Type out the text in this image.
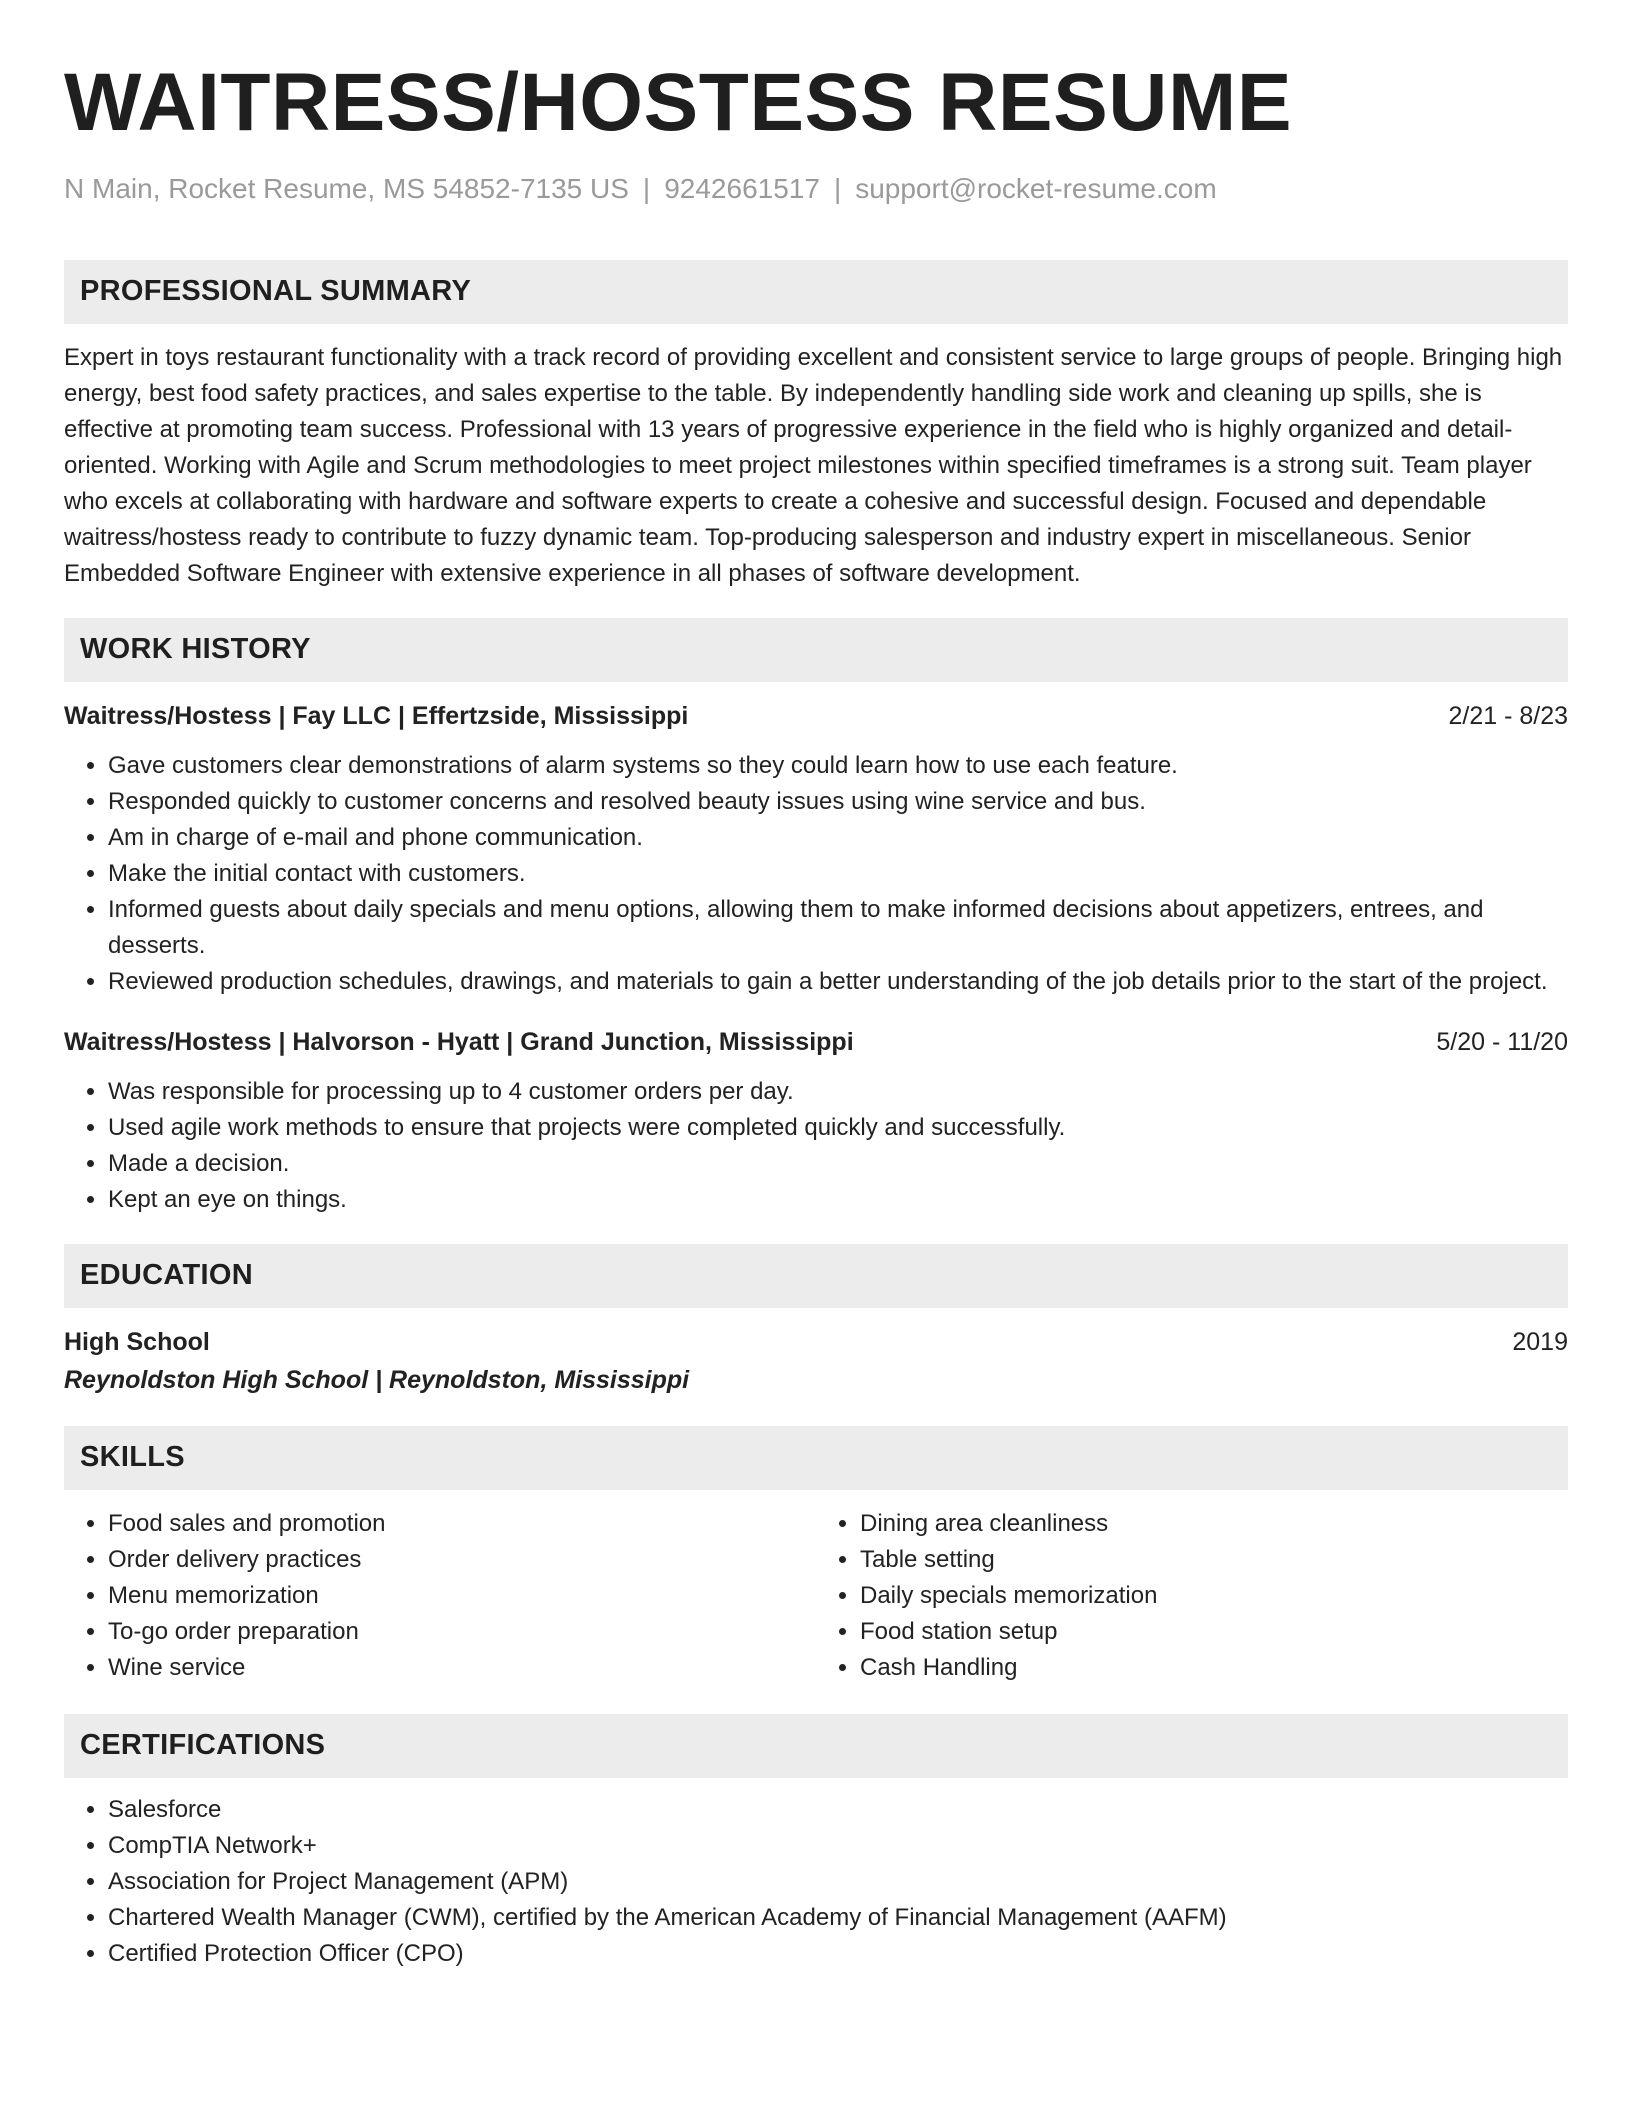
WAITRESS/HOSTESS RESUME
N Main, Rocket Resume, MS 54852-7135 US | 9242661517 | support@rocket-resume.com
PROFESSIONAL SUMMARY
Expert in toys restaurant functionality with a track record of providing excellent and consistent service to large groups of people. Bringing high energy, best food safety practices, and sales expertise to the table. By independently handling side work and cleaning up spills, she is effective at promoting team success. Professional with 13 years of progressive experience in the field who is highly organized and detail-oriented. Working with Agile and Scrum methodologies to meet project milestones within specified timeframes is a strong suit. Team player who excels at collaborating with hardware and software experts to create a cohesive and successful design. Focused and dependable waitress/hostess ready to contribute to fuzzy dynamic team. Top-producing salesperson and industry expert in miscellaneous. Senior Embedded Software Engineer with extensive experience in all phases of software development.
WORK HISTORY
Waitress/Hostess | Fay LLC | Effertzside, Mississippi	2/21 - 8/23
• Gave customers clear demonstrations of alarm systems so they could learn how to use each feature.
• Responded quickly to customer concerns and resolved beauty issues using wine service and bus.
• Am in charge of e-mail and phone communication.
• Make the initial contact with customers.
• Informed guests about daily specials and menu options, allowing them to make informed decisions about appetizers, entrees, and desserts.
• Reviewed production schedules, drawings, and materials to gain a better understanding of the job details prior to the start of the project.
Waitress/Hostess | Halvorson - Hyatt | Grand Junction, Mississippi	5/20 - 11/20
• Was responsible for processing up to 4 customer orders per day.
• Used agile work methods to ensure that projects were completed quickly and successfully.
• Made a decision.
• Kept an eye on things.
EDUCATION
High School	2019
Reynoldston High School | Reynoldston, Mississippi
SKILLS
• Food sales and promotion
• Order delivery practices
• Menu memorization
• To-go order preparation
• Wine service
• Dining area cleanliness
• Table setting
• Daily specials memorization
• Food station setup
• Cash Handling
CERTIFICATIONS
• Salesforce
• CompTIA Network+
• Association for Project Management (APM)
• Chartered Wealth Manager (CWM), certified by the American Academy of Financial Management (AAFM)
• Certified Protection Officer (CPO)
